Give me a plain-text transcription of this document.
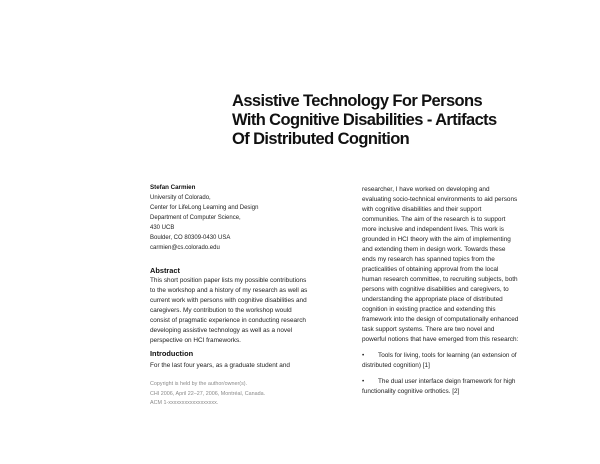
Assistive Technology For Persons
With Cognitive Disabilities - Artifacts
Of Distributed Cognition
Stefan Carmien
University of Colorado,
Center for LifeLong Learning and Design
Department of Computer Science,
430 UCB
Boulder, CO 80309-0430 USA
carmien@cs.colorado.edu
Abstract
This short position paper lists my possible contributions
to the workshop and a history of my research as well as
current work with persons with cognitive disabilities and
caregivers. My contribution to the workshop would
consist of pragmatic experience in conducting research
developing assistive technology as well as a novel
perspective on HCI frameworks.
Introduction
For the last four years, as a graduate student and
Copyright is held by the author/owner(s).
CHI 2006, April 22–27, 2006, Montréal, Canada.
ACM 1-xxxxxxxxxxxxxxxxxx.
researcher, I have worked on developing and
evaluating socio-technical environments to aid persons
with cognitive disabilities and their support
communities. The aim of the research is to support
more inclusive and independent lives. This work is
grounded in HCI theory with the aim of implementing
and extending them in design work. Towards these
ends my research has spanned topics from the
practicalities of obtaining approval from the local
human research committee, to recruiting subjects, both
persons with cognitive disabilities and caregivers, to
understanding the appropriate place of distributed
cognition in existing practice and extending this
framework into the design of computationally enhanced
task support systems. There are two novel and
powerful notions that have emerged from this research:
•	Tools for living, tools for learning (an extension of
distributed cognition) [1]
•	The dual user interface deign framework for high
functionality cognitive orthotics. [2]
